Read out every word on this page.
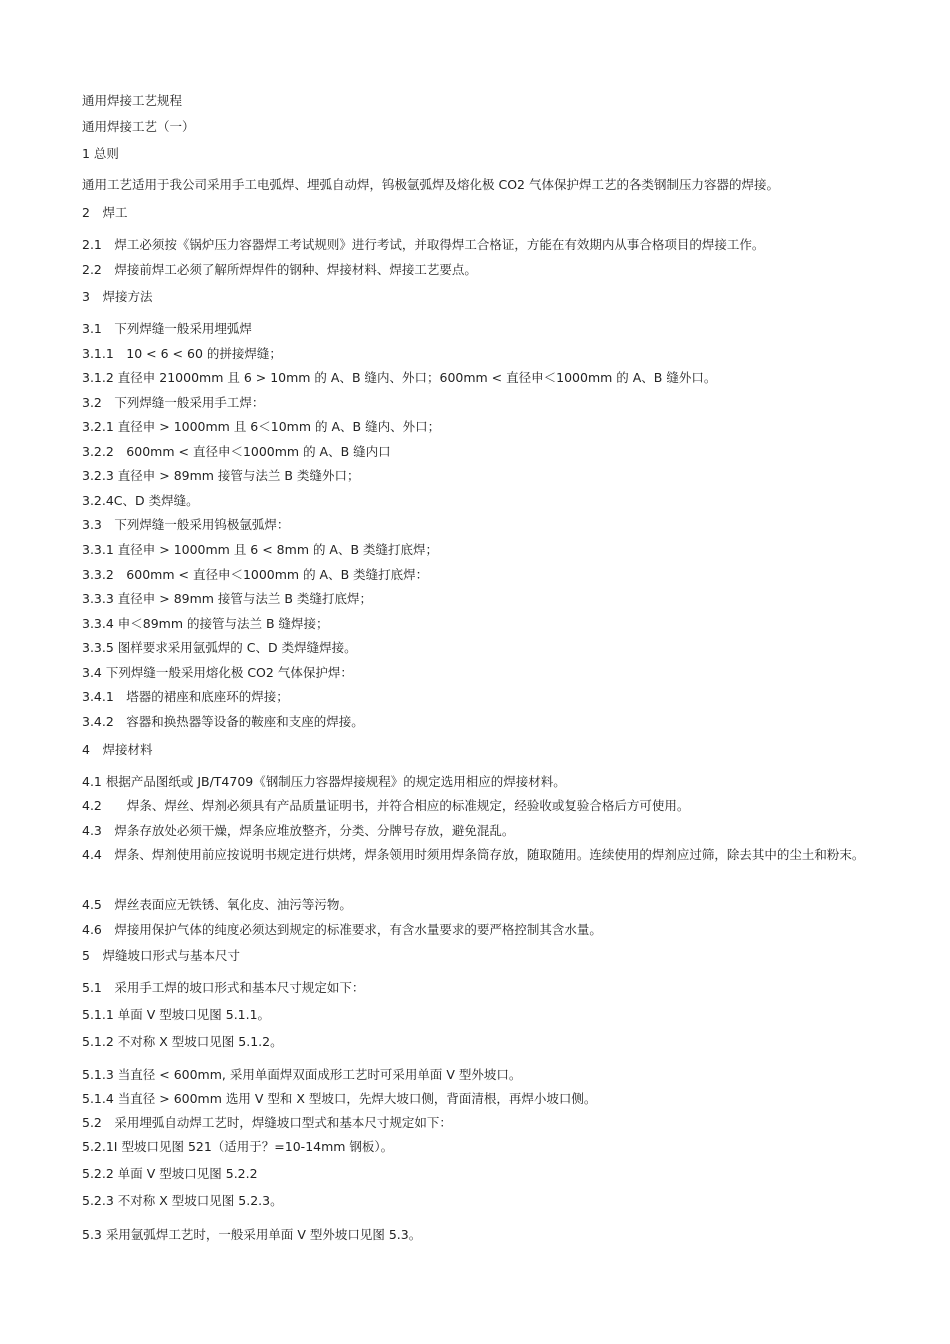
通用焊接工艺规程
通用焊接工艺（一）
1 总则
通用工艺适用于我公司采用手工电弧焊、埋弧自动焊，钨极氩弧焊及熔化极 CO2 气体保护焊工艺的各类钢制压力容器的焊接。
2　焊工
2.1　焊工必须按《锅炉压力容器焊工考试规则》进行考试，并取得焊工合格证，方能在有效期内从事合格项目的焊接工作。
2.2　焊接前焊工必须了解所焊焊件的钢种、焊接材料、焊接工艺要点。
3　焊接方法
3.1　下列焊缝一般采用埋弧焊
3.1.1　10 < 6 < 60 的拼接焊缝；
3.1.2 直径申 21000mm 且 6 > 10mm 的 A、B 缝内、外口；600mm < 直径申＜1000mm 的 A、B 缝外口。
3.2　下列焊缝一般采用手工焊：
3.2.1 直径申 > 1000mm 且 6＜10mm 的 A、B 缝内、外口；
3.2.2　600mm < 直径申＜1000mm 的 A、B 缝内口
3.2.3 直径申 > 89mm 接管与法兰 B 类缝外口；
3.2.4C、D 类焊缝。
3.3　下列焊缝一般采用钨极氩弧焊：
3.3.1 直径申 > 1000mm 且 6 < 8mm 的 A、B 类缝打底焊；
3.3.2　600mm < 直径申＜1000mm 的 A、B 类缝打底焊：
3.3.3 直径申 > 89mm 接管与法兰 B 类缝打底焊；
3.3.4 申＜89mm 的接管与法兰 B 缝焊接；
3.3.5 图样要求采用氩弧焊的 C、D 类焊缝焊接。
3.4 下列焊缝一般采用熔化极 CO2 气体保护焊：
3.4.1　塔器的裙座和底座环的焊接；
3.4.2　容器和换热器等设备的鞍座和支座的焊接。
4　焊接材料
4.1 根据产品图纸或 JB/T4709《钢制压力容器焊接规程》的规定选用相应的焊接材料。
4.2　　焊条、焊丝、焊剂必须具有产品质量证明书，并符合相应的标准规定，经验收或复验合格后方可使用。
4.3　焊条存放处必须干燥，焊条应堆放整齐，分类、分牌号存放，避免混乱。
4.4　焊条、焊剂使用前应按说明书规定进行烘烤，焊条领用时须用焊条筒存放，随取随用。连续使用的焊剂应过筛，除去其中的尘土和粉末。
4.5　焊丝表面应无铁锈、氧化皮、油污等污物。
4.6　焊接用保护气体的纯度必须达到规定的标准要求，有含水量要求的要严格控制其含水量。
5　焊缝坡口形式与基本尺寸
5.1　采用手工焊的坡口形式和基本尺寸规定如下：
5.1.1 单面 V 型坡口见图 5.1.1。
5.1.2 不对称 X 型坡口见图 5.1.2。
5.1.3 当直径 < 600mm, 采用单面焊双面成形工艺时可采用单面 V 型外坡口。
5.1.4 当直径 > 600mm 选用 V 型和 X 型坡口，先焊大坡口侧，背面清根，再焊小坡口侧。
5.2　采用埋弧自动焊工艺时，焊缝坡口型式和基本尺寸规定如下：
5.2.1I 型坡口见图 521（适用于？=10-14mm 钢板）。
5.2.2 单面 V 型坡口见图 5.2.2
5.2.3 不对称 X 型坡口见图 5.2.3。
5.3 采用氩弧焊工艺时，一般采用单面 V 型外坡口见图 5.3。
